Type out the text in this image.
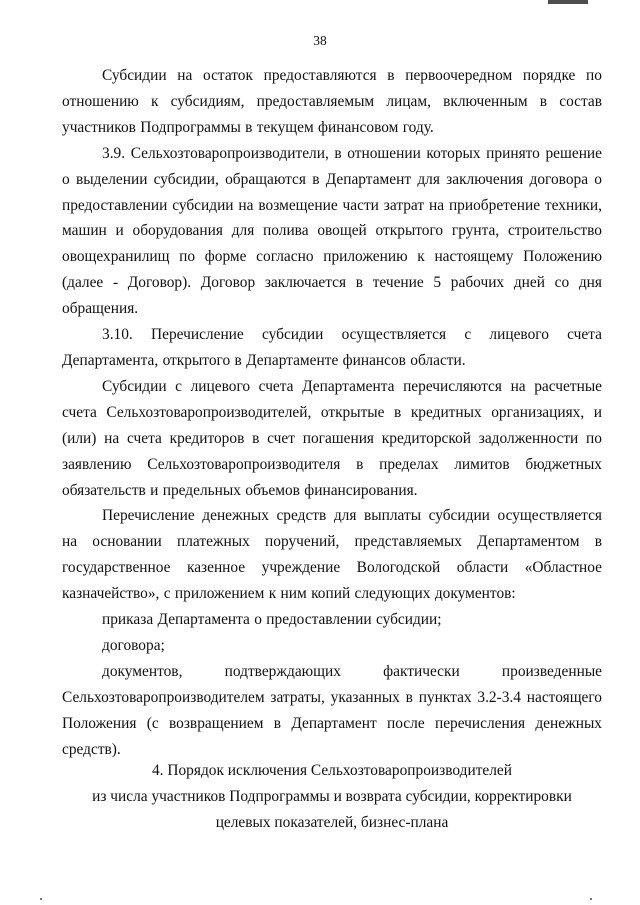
38

Субсидии на остаток предоставляются в первоочередном порядке по отношению к субсидиям, предоставляемым лицам, включенным в состав участников Подпрограммы в текущем финансовом году.

3.9. Сельхозтоваропроизводители, в отношении которых принято решение о выделении субсидии, обращаются в Департамент для заключения договора о предоставлении субсидии на возмещение части затрат на приобретение техники, машин и оборудования для полива овощей открытого грунта, строительство овощехранилищ по форме согласно приложению к настоящему Положению (далее - Договор). Договор заключается в течение 5 рабочих дней со дня обращения.

3.10. Перечисление субсидии осуществляется с лицевого счета Департамента, открытого в Департаменте финансов области.

Субсидии с лицевого счета Департамента перечисляются на расчетные счета Сельхозтоваропроизводителей, открытые в кредитных организациях, и (или) на счета кредиторов в счет погашения кредиторской задолженности по заявлению Сельхозтоваропроизводителя в пределах лимитов бюджетных обязательств и предельных объемов финансирования.

Перечисление денежных средств для выплаты субсидии осуществляется на основании платежных поручений, представляемых Департаментом в государственное казенное учреждение Вологодской области «Областное казначейство», с приложением к ним копий следующих документов:

приказа Департамента о предоставлении субсидии;

договора;

документов, подтверждающих фактически произведенные Сельхозтоваропроизводителем затраты, указанных в пунктах 3.2-3.4 настоящего Положения (с возвращением в Департамент после перечисления денежных средств).

4. Порядок исключения Сельхозтоваропроизводителей
из числа участников Подпрограммы и возврата субсидии, корректировки
целевых показателей, бизнес-плана
